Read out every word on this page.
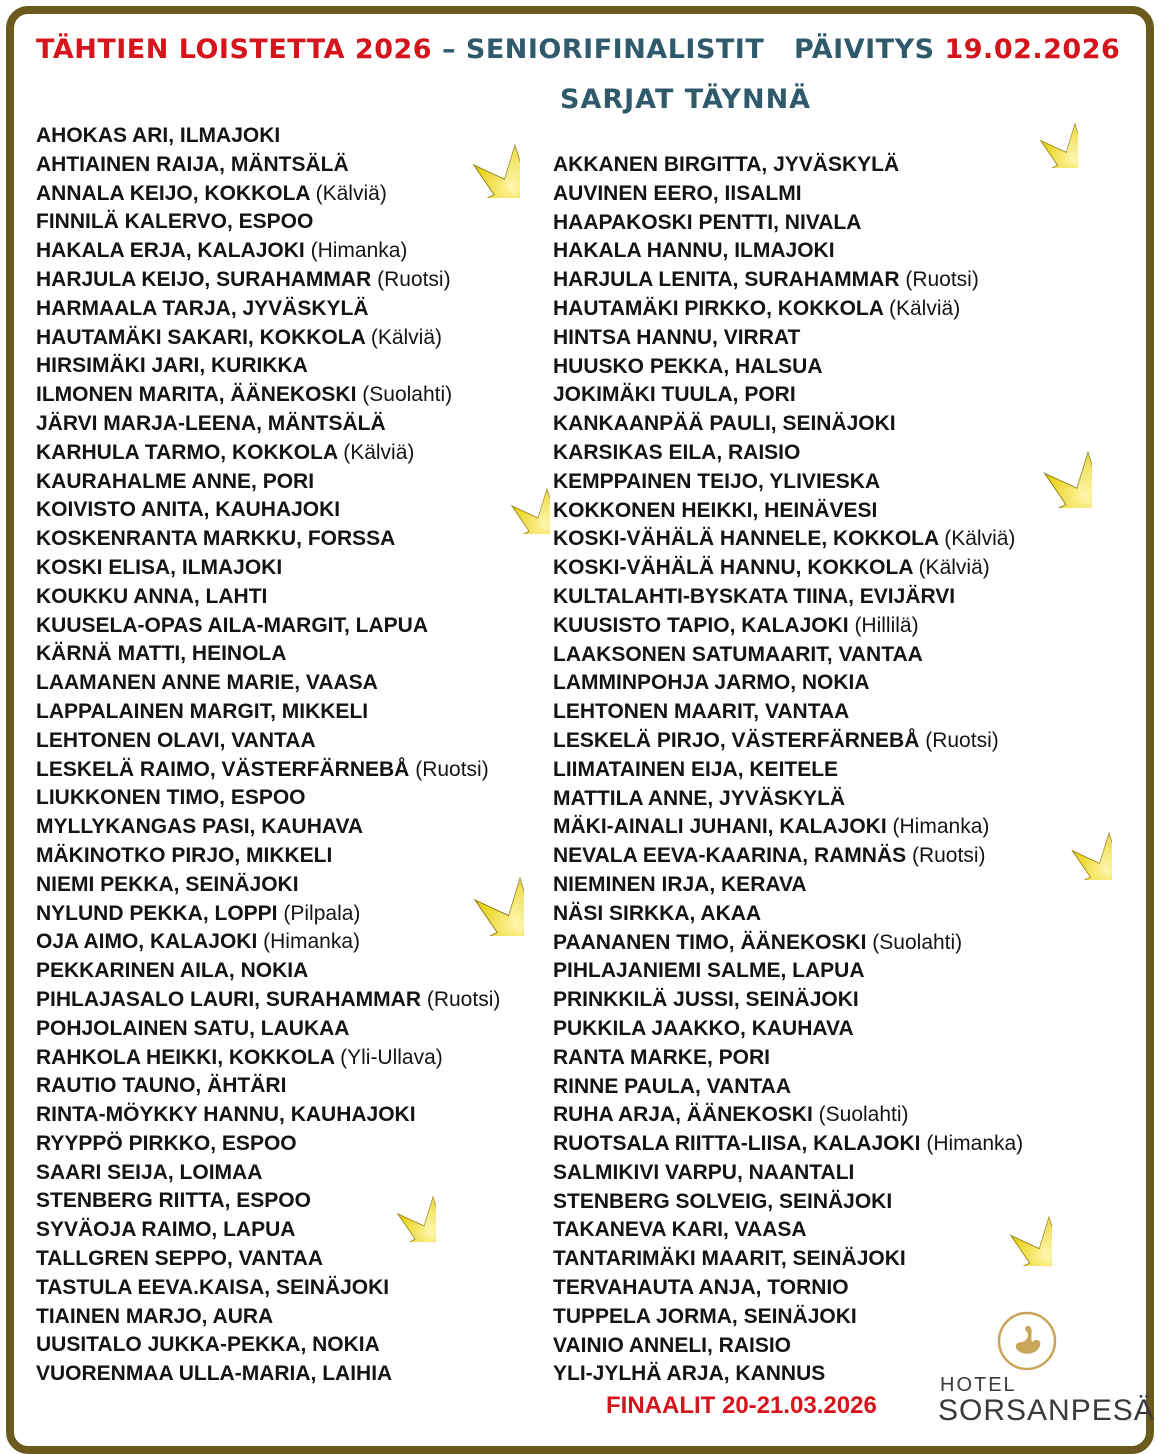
TÄHTIEN LOISTETTA 2026 – SENIORIFINALISTIT PÄIVITYS 19.02.2026
SARJAT TÄYNNÄ
AHOKAS ARI, ILMAJOKI
AHTIAINEN RAIJA, MÄNTSÄLÄ
ANNALA KEIJO, KOKKOLA (Kälviä)
FINNILÄ KALERVO, ESPOO
HAKALA ERJA, KALAJOKI (Himanka)
HARJULA KEIJO, SURAHAMMAR (Ruotsi)
HARMAALA TARJA, JYVÄSKYLÄ
HAUTAMÄKI SAKARI, KOKKOLA (Kälviä)
HIRSIMÄKI JARI, KURIKKA
ILMONEN MARITA, ÄÄNEKOSKI (Suolahti)
JÄRVI MARJA-LEENA, MÄNTSÄLÄ
KARHULA TARMO, KOKKOLA (Kälviä)
KAURAHALME ANNE, PORI
KOIVISTO ANITA, KAUHAJOKI
KOSKENRANTA MARKKU, FORSSA
KOSKI ELISA, ILMAJOKI
KOUKKU ANNA, LAHTI
KUUSELA-OPAS AILA-MARGIT, LAPUA
KÄRNÄ MATTI, HEINOLA
LAAMANEN ANNE MARIE, VAASA
LAPPALAINEN MARGIT, MIKKELI
LEHTONEN OLAVI, VANTAA
LESKELÄ RAIMO, VÄSTERFÄRNEBÅ (Ruotsi)
LIUKKONEN TIMO, ESPOO
MYLLYKANGAS PASI, KAUHAVA
MÄKINOTKO PIRJO, MIKKELI
NIEMI PEKKA, SEINÄJOKI
NYLUND PEKKA, LOPPI (Pilpala)
OJA AIMO, KALAJOKI (Himanka)
PEKKARINEN AILA, NOKIA
PIHLAJASALO LAURI, SURAHAMMAR (Ruotsi)
POHJOLAINEN SATU, LAUKAA
RAHKOLA HEIKKI, KOKKOLA (Yli-Ullava)
RAUTIO TAUNO, ÄHTÄRI
RINTA-MÖYKKY HANNU, KAUHAJOKI
RYYPPÖ PIRKKO, ESPOO
SAARI SEIJA, LOIMAA
STENBERG RIITTA, ESPOO
SYVÄOJA RAIMO, LAPUA
TALLGREN SEPPO, VANTAA
TASTULA EEVA.KAISA, SEINÄJOKI
TIAINEN MARJO, AURA
UUSITALO JUKKA-PEKKA, NOKIA
VUORENMAA ULLA-MARIA, LAIHIA
AKKANEN BIRGITTA, JYVÄSKYLÄ
AUVINEN EERO, IISALMI
HAAPAKOSKI PENTTI, NIVALA
HAKALA HANNU, ILMAJOKI
HARJULA LENITA, SURAHAMMAR (Ruotsi)
HAUTAMÄKI PIRKKO, KOKKOLA (Kälviä)
HINTSA HANNU, VIRRAT
HUUSKO PEKKA, HALSUA
JOKIMÄKI TUULA, PORI
KANKAANPÄÄ PAULI, SEINÄJOKI
KARSIKAS EILA, RAISIO
KEMPPAINEN TEIJO, YLIVIESKA
KOKKONEN HEIKKI, HEINÄVESI
KOSKI-VÄHÄLÄ HANNELE, KOKKOLA (Kälviä)
KOSKI-VÄHÄLÄ HANNU, KOKKOLA (Kälviä)
KULTALAHTI-BYSKATA TIINA, EVIJÄRVI
KUUSISTO TAPIO, KALAJOKI (Hillilä)
LAAKSONEN SATUMAARIT, VANTAA
LAMMINPOHJA JARMO, NOKIA
LEHTONEN MAARIT, VANTAA
LESKELÄ PIRJO, VÄSTERFÄRNEBÅ (Ruotsi)
LIIMATAINEN EIJA, KEITELE
MATTILA ANNE, JYVÄSKYLÄ
MÄKI-AINALI JUHANI, KALAJOKI (Himanka)
NEVALA EEVA-KAARINA, RAMNÄS (Ruotsi)
NIEMINEN IRJA, KERAVA
NÄSI SIRKKA, AKAA
PAANANEN TIMO, ÄÄNEKOSKI (Suolahti)
PIHLAJANIEMI SALME, LAPUA
PRINKKILÄ JUSSI, SEINÄJOKI
PUKKILA JAAKKO, KAUHAVA
RANTA MARKE, PORI
RINNE PAULA, VANTAA
RUHA ARJA, ÄÄNEKOSKI (Suolahti)
RUOTSALA RIITTA-LIISA, KALAJOKI (Himanka)
SALMIKIVI VARPU, NAANTALI
STENBERG SOLVEIG, SEINÄJOKI
TAKANEVA KARI, VAASA
TANTARIMÄKI MAARIT, SEINÄJOKI
TERVAHAUTA ANJA, TORNIO
TUPPELA JORMA, SEINÄJOKI
VAINIO ANNELI, RAISIO
YLI-JYLHÄ ARJA, KANNUS
FINAALIT 20-21.03.2026
HOTEL
SORSANPESÄ
